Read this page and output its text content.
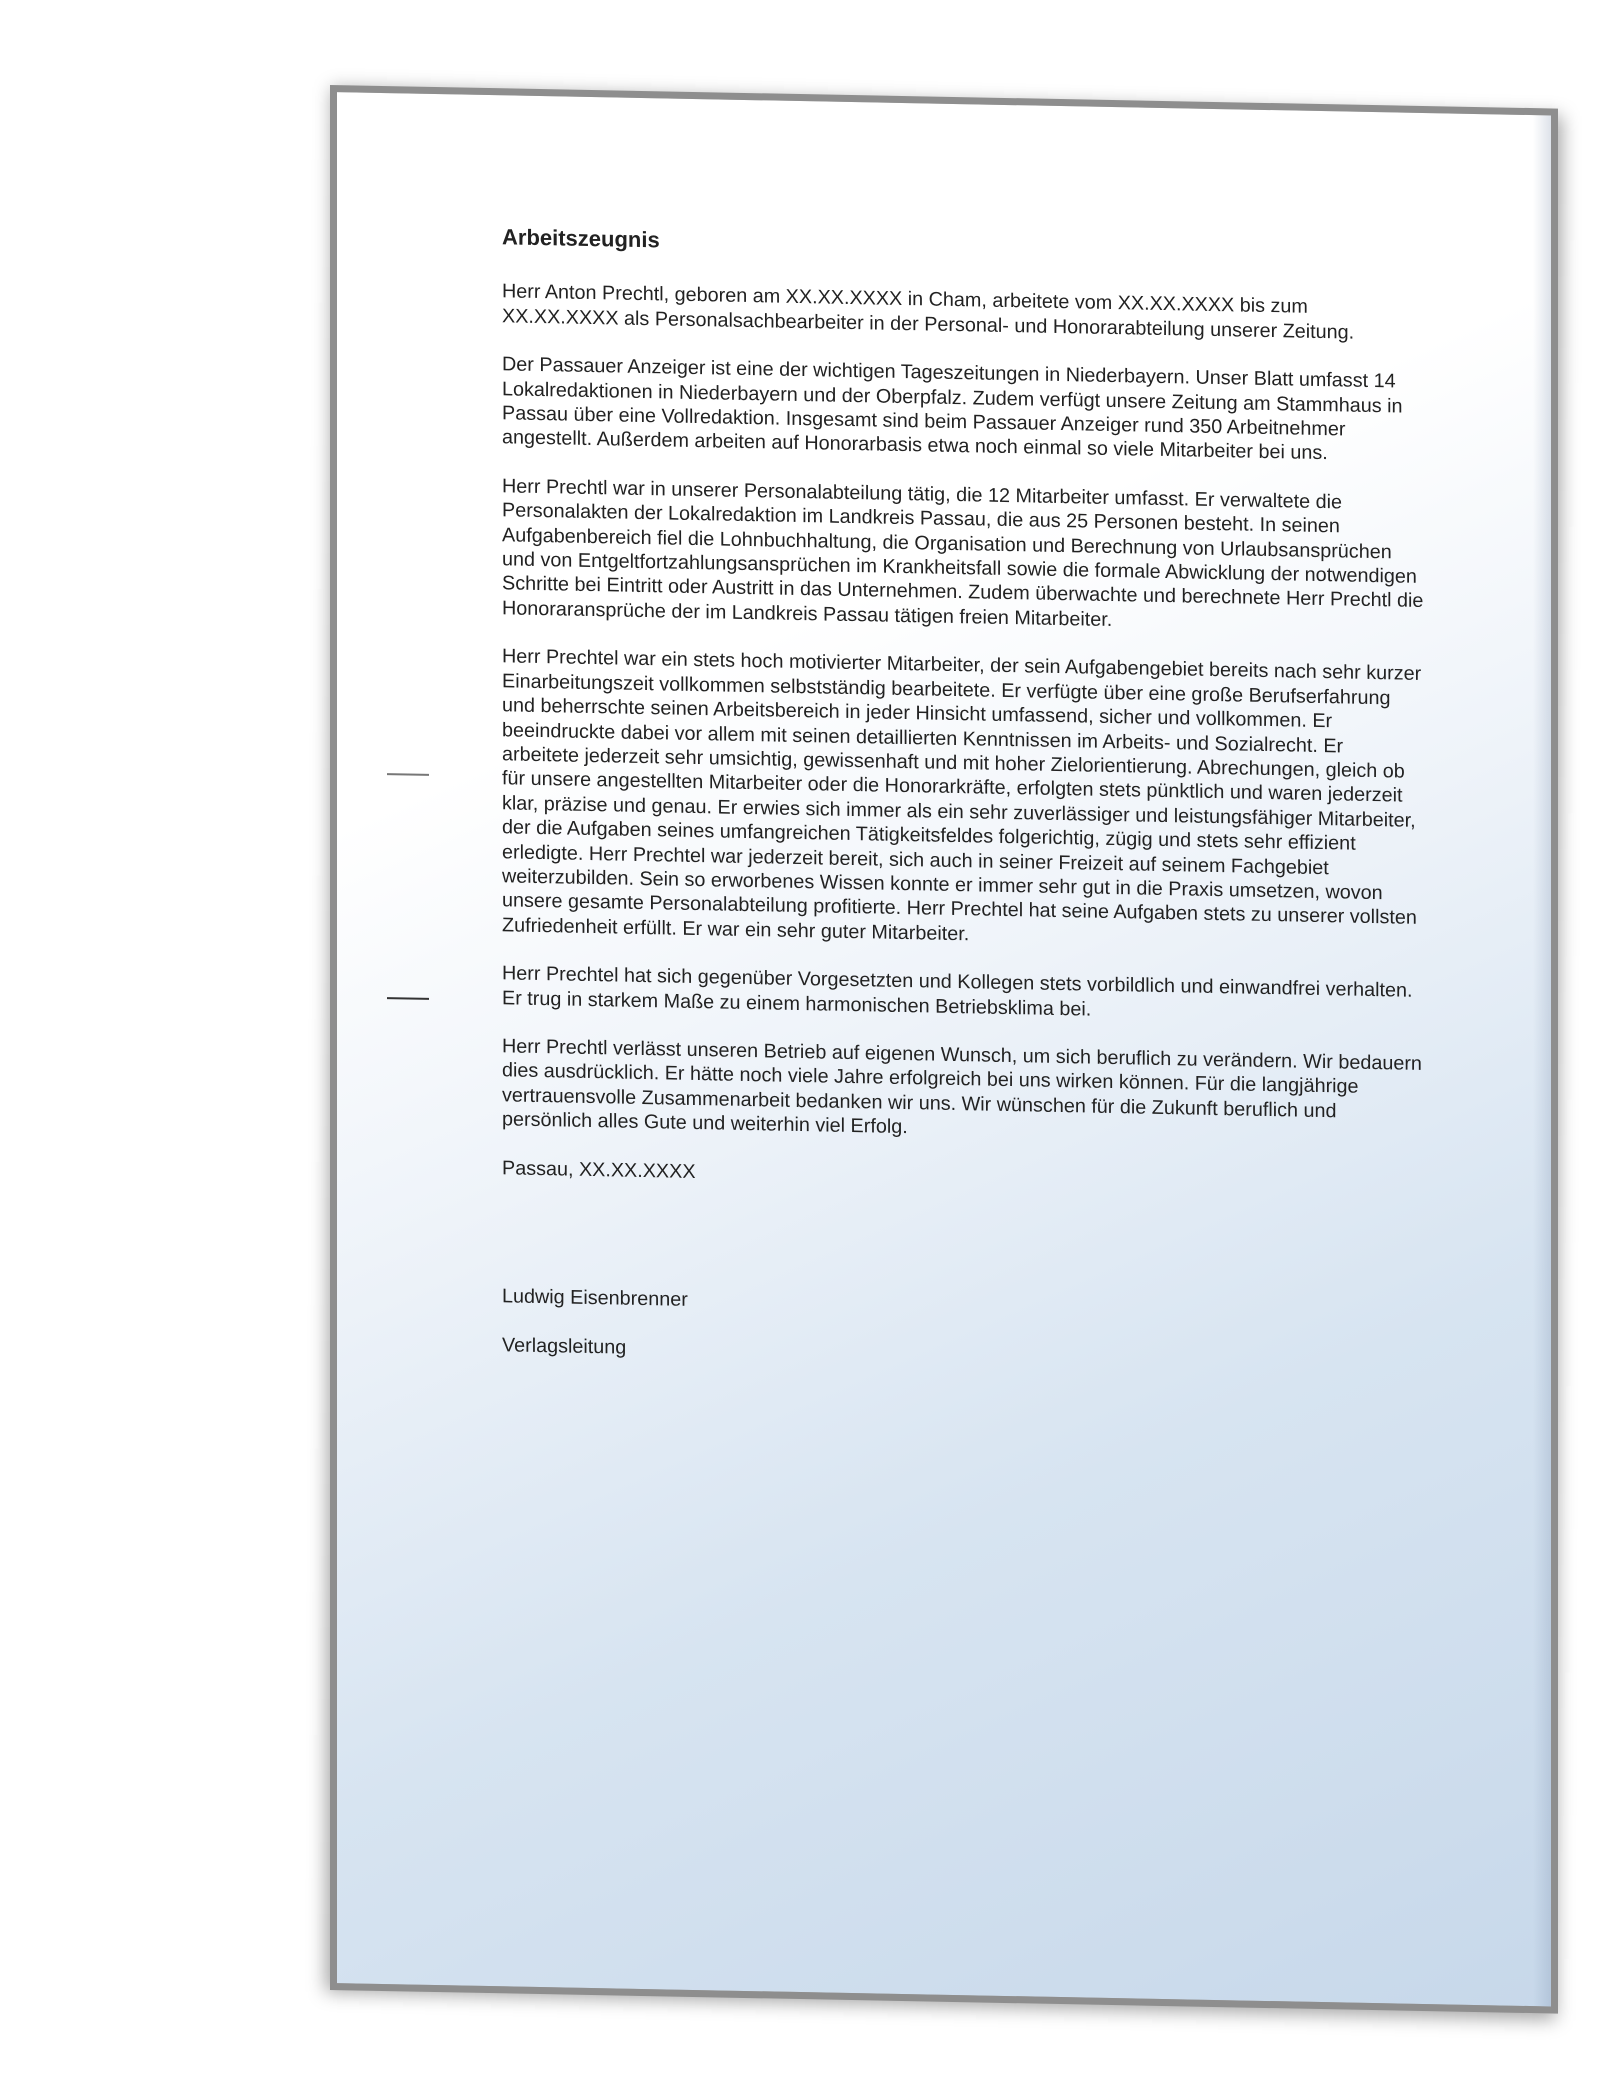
Arbeitszeugnis
Herr Anton Prechtl, geboren am XX.XX.XXXX in Cham, arbeitete vom XX.XX.XXXX bis zum
XX.XX.XXXX als Personalsachbearbeiter in der Personal- und Honorarabteilung unserer Zeitung.
Der Passauer Anzeiger ist eine der wichtigen Tageszeitungen in Niederbayern. Unser Blatt umfasst 14
Lokalredaktionen in Niederbayern und der Oberpfalz. Zudem verfügt unsere Zeitung am Stammhaus in
Passau über eine Vollredaktion. Insgesamt sind beim Passauer Anzeiger rund 350 Arbeitnehmer
angestellt. Außerdem arbeiten auf Honorarbasis etwa noch einmal so viele Mitarbeiter bei uns.
Herr Prechtl war in unserer Personalabteilung tätig, die 12 Mitarbeiter umfasst. Er verwaltete die
Personalakten der Lokalredaktion im Landkreis Passau, die aus 25 Personen besteht. In seinen
Aufgabenbereich fiel die Lohnbuchhaltung, die Organisation und Berechnung von Urlaubsansprüchen
und von Entgeltfortzahlungsansprüchen im Krankheitsfall sowie die formale Abwicklung der notwendigen
Schritte bei Eintritt oder Austritt in das Unternehmen. Zudem überwachte und berechnete Herr Prechtl die
Honoraransprüche der im Landkreis Passau tätigen freien Mitarbeiter.
Herr Prechtel war ein stets hoch motivierter Mitarbeiter, der sein Aufgabengebiet bereits nach sehr kurzer
Einarbeitungszeit vollkommen selbstständig bearbeitete. Er verfügte über eine große Berufserfahrung
und beherrschte seinen Arbeitsbereich in jeder Hinsicht umfassend, sicher und vollkommen. Er
beeindruckte dabei vor allem mit seinen detaillierten Kenntnissen im Arbeits- und Sozialrecht. Er
arbeitete jederzeit sehr umsichtig, gewissenhaft und mit hoher Zielorientierung. Abrechungen, gleich ob
für unsere angestellten Mitarbeiter oder die Honorarkräfte, erfolgten stets pünktlich und waren jederzeit
klar, präzise und genau. Er erwies sich immer als ein sehr zuverlässiger und leistungsfähiger Mitarbeiter,
der die Aufgaben seines umfangreichen Tätigkeitsfeldes folgerichtig, zügig und stets sehr effizient
erledigte. Herr Prechtel war jederzeit bereit, sich auch in seiner Freizeit auf seinem Fachgebiet
weiterzubilden. Sein so erworbenes Wissen konnte er immer sehr gut in die Praxis umsetzen, wovon
unsere gesamte Personalabteilung profitierte. Herr Prechtel hat seine Aufgaben stets zu unserer vollsten
Zufriedenheit erfüllt. Er war ein sehr guter Mitarbeiter.
Herr Prechtel hat sich gegenüber Vorgesetzten und Kollegen stets vorbildlich und einwandfrei verhalten.
Er trug in starkem Maße zu einem harmonischen Betriebsklima bei.
Herr Prechtl verlässt unseren Betrieb auf eigenen Wunsch, um sich beruflich zu verändern. Wir bedauern
dies ausdrücklich. Er hätte noch viele Jahre erfolgreich bei uns wirken können. Für die langjährige
vertrauensvolle Zusammenarbeit bedanken wir uns. Wir wünschen für die Zukunft beruflich und
persönlich alles Gute und weiterhin viel Erfolg.
Passau, XX.XX.XXXX

Ludwig Eisenbrenner

Verlagsleitung
